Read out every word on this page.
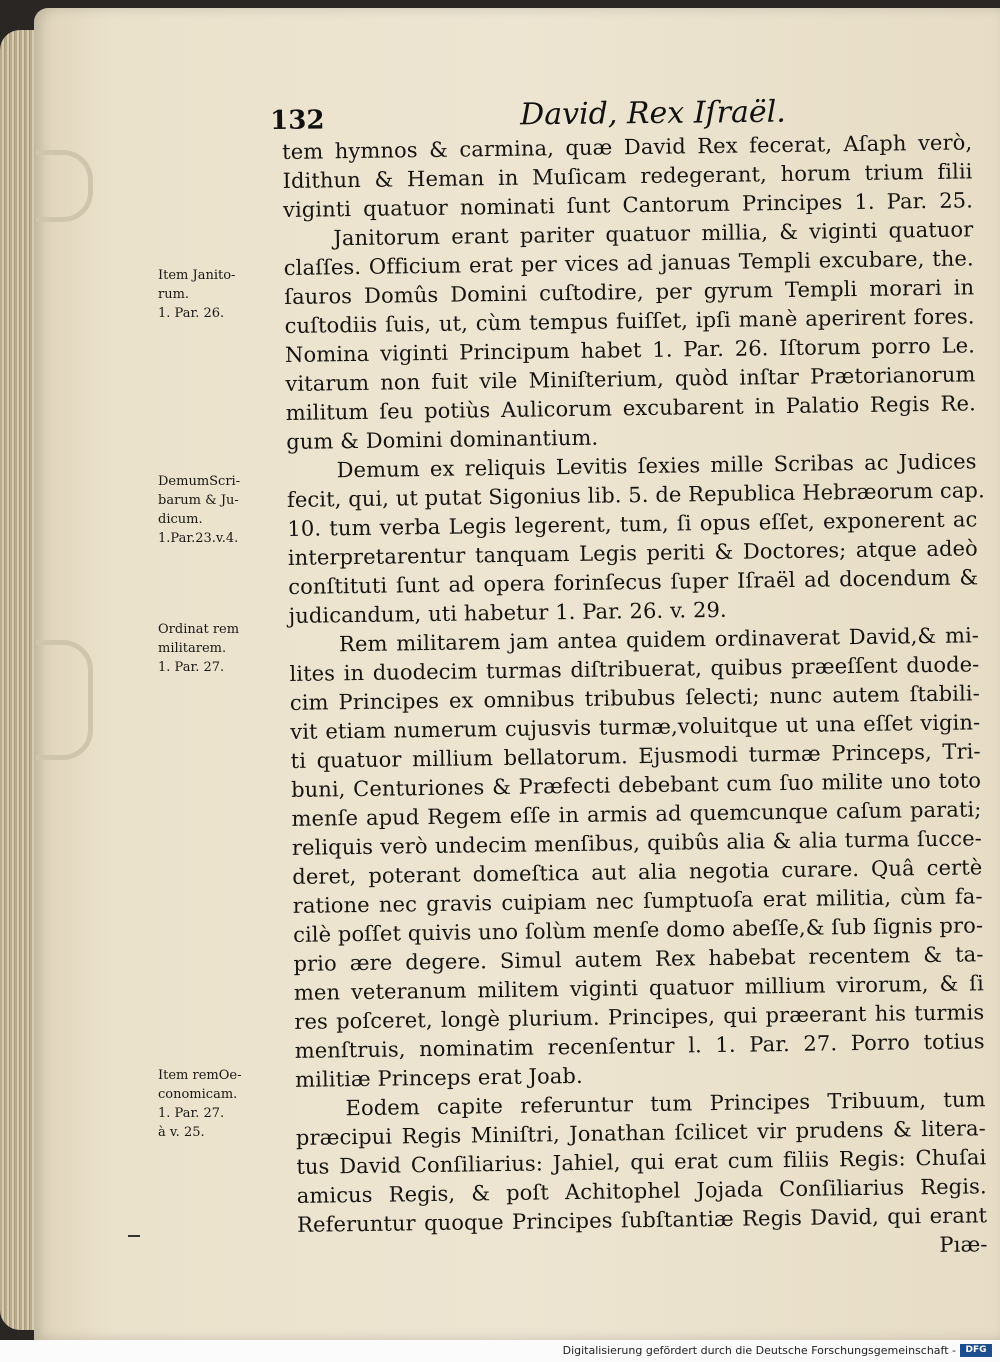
132	David, Rex Iſraël.
Item Janito-
rum.
1. Par. 26.
DemumScri-
barum & Ju-
dicum.
1.Par.23.v.4.
Ordinat rem
militarem.
1. Par. 27.
Item remOe-
conomicam.
1. Par. 27.
à v. 25.
tem hymnos & carmina, quæ David Rex fecerat, Aſaph verò,
Idithun & Heman in Muſicam redegerant, horum trium filii
viginti quatuor nominati ſunt Cantorum Principes 1. Par. 25.
Janitorum erant pariter quatuor millia, & viginti quatuor
claſſes. Officium erat per vices ad januas Templi excubare, the.
ſauros Domûs Domini cuſtodire, per gyrum Templi morari in
cuſtodiis ſuis, ut, cùm tempus fuiſſet, ipſi manè aperirent fores.
Nomina viginti Principum habet 1. Par. 26. Iſtorum porro Le.
vitarum non fuit vile Miniſterium, quòd inſtar Prætorianorum
militum ſeu potiùs Aulicorum excubarent in Palatio Regis Re.
gum & Domini dominantium.
Demum ex reliquis Levitis ſexies mille Scribas ac Judices
fecit, qui, ut putat Sigonius lib. 5. de Republica Hebræorum cap.
10. tum verba Legis legerent, tum, ſi opus eſſet, exponerent ac
interpretarentur tanquam Legis periti & Doctores; atque adeò
conſtituti ſunt ad opera forinſecus ſuper Iſraël ad docendum &
judicandum, uti habetur 1. Par. 26. v. 29.
Rem militarem jam antea quidem ordinaverat David,& mi-
lites in duodecim turmas diſtribuerat, quibus præeſſent duode-
cim Principes ex omnibus tribubus ſelecti; nunc autem ſtabili-
vit etiam numerum cujusvis turmæ,voluitque ut una eſſet vigin-
ti quatuor millium bellatorum. Ejusmodi turmæ Princeps, Tri-
buni, Centuriones & Præfecti debebant cum ſuo milite uno toto
menſe apud Regem eſſe in armis ad quemcunque caſum parati;
reliquis verò undecim menſibus, quibûs alia & alia turma ſucce-
deret, poterant domeſtica aut alia negotia curare. Quâ certè
ratione nec gravis cuipiam nec ſumptuoſa erat militia, cùm fa-
cilè poſſet quivis uno ſolùm menſe domo abeſſe,& ſub ſignis pro-
prio ære degere. Simul autem Rex habebat recentem & ta-
men veteranum militem viginti quatuor millium virorum, & ſi
res poſceret, longè plurium. Principes, qui præerant his turmis
menſtruis, nominatim recenſentur l. 1. Par. 27. Porro totius
militiæ Princeps erat Joab.
Eodem capite referuntur tum Principes Tribuum, tum
præcipui Regis Miniſtri, Jonathan ſcilicet vir prudens & litera-
tus David Conſiliarius: Jahiel, qui erat cum filiis Regis: Chuſai
amicus Regis, & poſt Achitophel Jojada Conſiliarius Regis.
Referuntur quoque Principes ſubſtantiæ Regis David, qui erant
Pıæ-
Digitalisierung gefördert durch die Deutsche Forschungsgemeinschaft -	DFG
